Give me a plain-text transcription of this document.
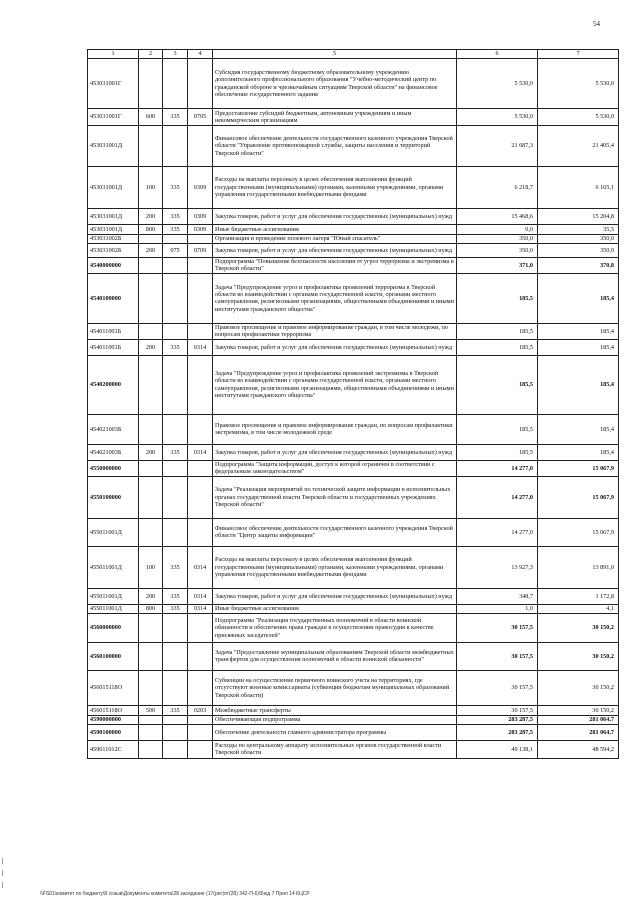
54
1	2	3	4	5	6	7
453031001Г				Субсидия государственному бюджетному образовательному учреждению дополнительного профессионального образования "Учебно-методический центр по гражданской обороне и чрезвычайным ситуациям Тверской области" на финансовое обеспечение государственного задания	5 530,0	5 530,0
453031001Г	600	335	0705	Предоставление субсидий бюджетным, автономным учреждениям и иным некоммерческим организациям	5 530,0	5 530,0
453031001Д				Финансовое обеспечение деятельности государственного казенного учреждения Тверской области "Управление противопожарной службы, защиты населения и территорий Тверской области"	21 687,3	21 405,4
453031001Д	100	335	0309	Расходы на выплаты персоналу в целях обеспечения выполнения функций государственными (муниципальными) органами, казенными учреждениями, органами управления государственными внебюджетными фондами	6 218,7	6 165,1
453031001Д	200	335	0309	Закупка товаров, работ и услуг для обеспечения государственных (муниципальных) нужд	15 468,6	15 204,8
453031001Д	800	335	0309	Иные бюджетные ассигнования	0,0	35,5
453031002Б				Организация и проведение полевого лагеря "Юный спасатель"	350,0	350,0
453031002Б	200	075	0709	Закупка товаров, работ и услуг для обеспечения государственных (муниципальных) нужд	350,0	350,0
4540000000				Подпрограмма "Повышение безопасности населения от угроз терроризма и экстремизма в Тверской области"	371,0	370,8
4540100000				Задача "Предупреждение угроз и профилактика проявлений терроризма в Тверской области во взаимодействии с органами государственной власти, органами местного самоуправления, религиозными организациями, общественными объединениями и иными институтами гражданского общества"	185,5	185,4
454011001Б				Правовое просвещение и правовое информирование граждан, в том числе молодежи, по вопросам профилактики терроризма	185,5	185,4
454011001Б	200	335	0314	Закупка товаров, работ и услуг для обеспечения государственных (муниципальных) нужд	185,5	185,4
4540200000				Задача "Предупреждение угроз и профилактика проявлений экстремизма в Тверской области во взаимодействии с органами государственной власти, органами местного самоуправления, религиозными организациями, общественными объединениями и иными институтами гражданского общества"	185,5	185,4
454021003Б				Правовое просвещение и правовое информирование граждан, по вопросам профилактики экстремизма, в том числе молодежной среде	185,5	185,4
454021003Б	200	335	0314	Закупка товаров, работ и услуг для обеспечения государственных (муниципальных) нужд	185,5	185,4
4550000000				Подпрограмма "Защита информации, доступ к которой ограничен в соответствии с федеральным законодательством"	14 277,0	15 067,9
4550100000				Задача "Реализация мероприятий по технической защите информации в исполнительных органах государственной власти Тверской области и государственных учреждениях Тверской области"	14 277,0	15 067,9
455011001Д				Финансовое обеспечение деятельности государственного казенного учреждения Тверской области "Центр защиты информации"	14 277,0	15 067,9
455011001Д	100	335	0314	Расходы на выплаты персоналу в целях обеспечения выполнения функций государственными (муниципальными) органами, казенными учреждениями, органами управления государственными внебюджетными фондами	13 927,3	13 891,0
455011001Д	200	335	0314	Закупка товаров, работ и услуг для обеспечения государственных (муниципальных) нужд	348,7	1 172,8
455011001Д	800	335	0314	Иные бюджетные ассигнования	1,0	4,1
4560000000				Подпрограмма "Реализация государственных полномочий в области воинской обязанности и обеспечение права граждан в осуществлении правосудия в качестве присяжных заседателей"	30 157,5	30 150,2
4560100000				Задача "Предоставление муниципальным образованиям Тверской области межбюджетных трансфертов для осуществления полномочий в области воинской обязанности"	30 157,5	30 150,2
456015118О				Субвенции на осуществление первичного воинского учета на территориях, где отсутствуют военные комиссариаты (субвенции бюджетам муниципальных образований Тверской области)	30 157,5	30 150,2
456015118О	500	335	0203	Межбюджетные трансферты	30 157,5	30 150,2
4590000000				Обеспечивающая подпрограмма	283 287,5	281 064,7
4590100000				Обеспечение деятельности главного администратора программы	283 287,5	281 064,7
459011012С				Расходы по центральному аппарату исполнительных органов государственной власти Тверской области	49 138,1	48 594,2
\\FS01\комитет по бюджету\8 созыв\Документы комитета\28 заседание (17(рег)от(28) 342-П-6)\Бюд 7 Прил 14 КЦСР
